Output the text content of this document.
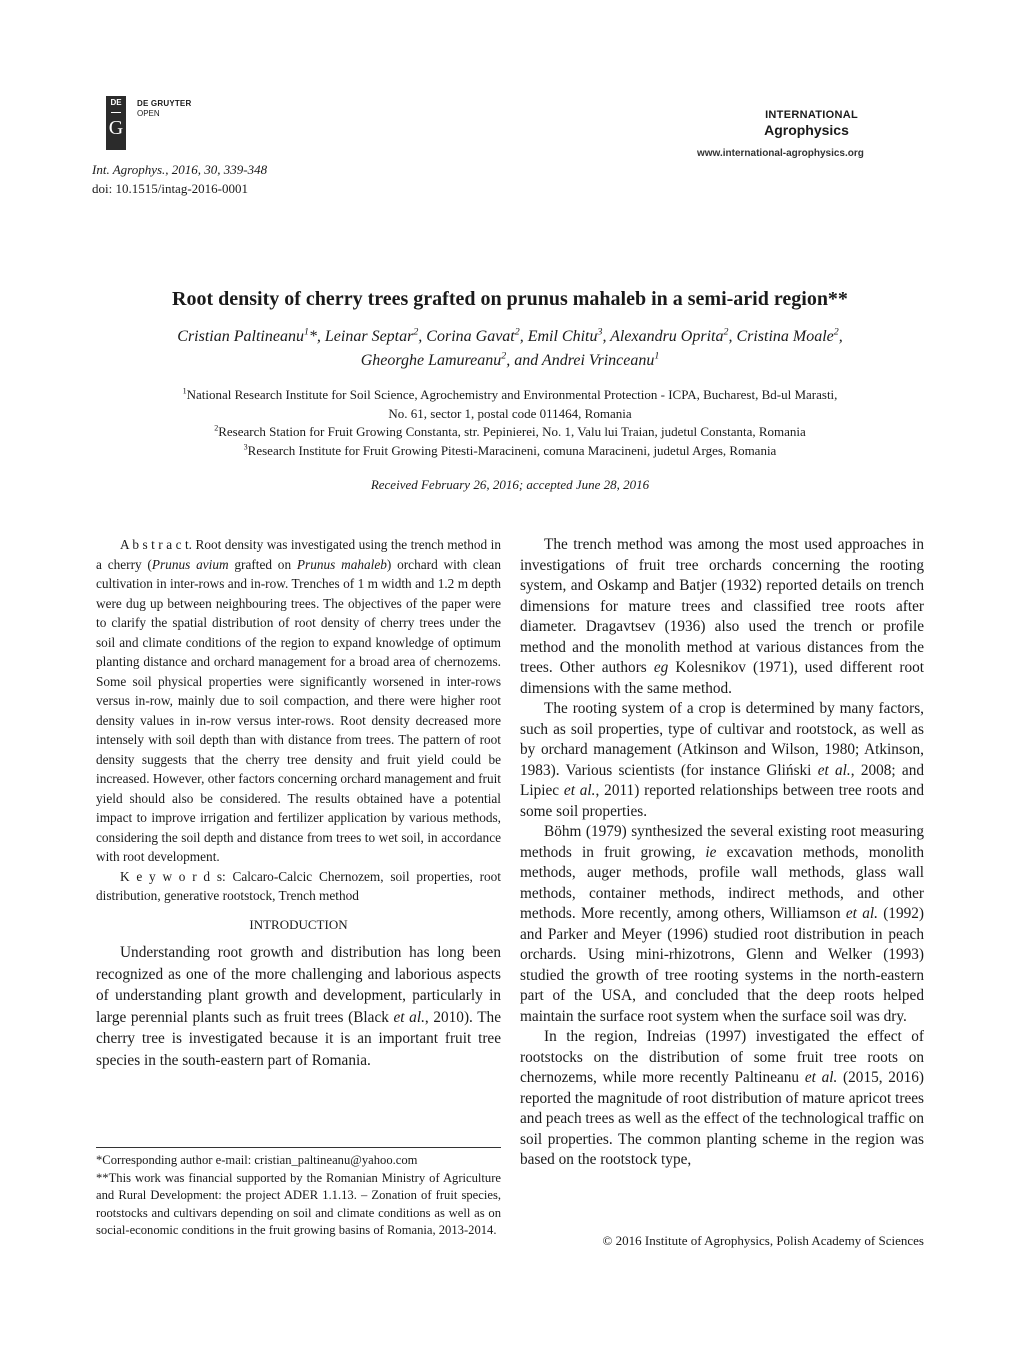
DE
G
DE GRUYTER
OPEN	INTERNATIONAL
Agrophysics
www.international-agrophysics.org
Int. Agrophys., 2016, 30, 339-348
doi: 10.1515/intag-2016-0001
Root density of cherry trees grafted on prunus mahaleb in a semi-arid region**
Cristian Paltineanu$^1$*, Leinar Septar$^2$, Corina Gavat$^2$, Emil Chitu$^3$, Alexandru Oprita$^2$, Cristina Moale$^2$,
Gheorghe Lamureanu$^2$, and Andrei Vrinceanu$^1$
$^1$National Research Institute for Soil Science, Agrochemistry and Environmental Protection - ICPA, Bucharest, Bd-ul Marasti,
No. 61, sector 1, postal code 011464, Romania
$^2$Research Station for Fruit Growing Constanta, str. Pepinierei, No. 1, Valu lui Traian, judetul Constanta, Romania
$^3$Research Institute for Fruit Growing Pitesti-Maracineni, comuna Maracineni, judetul Arges, Romania
Received February 26, 2016; accepted June 28, 2016

A b s t r a c t. Root density was investigated using the trench method in a cherry (Prunus avium grafted on Prunus mahaleb) orchard with clean cultivation in inter-rows and in-row. Trenches of 1 m width and 1.2 m depth were dug up between neighbouring trees. The objectives of the paper were to clarify the spatial distribution of root density of cherry trees under the soil and climate conditions of the region to expand knowledge of optimum planting distance and orchard management for a broad area of chernozems. Some soil physical properties were significantly worsened in inter-rows versus in-row, mainly due to soil compaction, and there were higher root density values in in-row versus inter-rows. Root density decreased more intensely with soil depth than with distance from trees. The pattern of root density suggests that the cherry tree density and fruit yield could be increased. However, other factors concerning orchard management and fruit yield should also be considered. The results obtained have a potential impact to improve irrigation and fertilizer application by various methods, considering the soil depth and distance from trees to wet soil, in accordance with root development.

K e y w o r d s: Calcaro-Calcic Chernozem, soil properties, root distribution, generative rootstock, Trench method

INTRODUCTION

Understanding root growth and distribution has long been recognized as one of the more challenging and laborious aspects of understanding plant growth and development, particularly in large perennial plants such as fruit trees (Black et al., 2010). The cherry tree is investigated because it is an important fruit tree species in the south-eastern part of Romania.

*Corresponding author e-mail: cristian_paltineanu@yahoo.com

**This work was financial supported by the Romanian Ministry of Agriculture and Rural Development: the project ADER 1.1.13. – Zonation of fruit species, rootstocks and cultivars depending on soil and climate conditions as well as on social-economic conditions in the fruit growing basins of Romania, 2013-2014.

The trench method was among the most used approaches in investigations of fruit tree orchards concerning the rooting system, and Oskamp and Batjer (1932) reported details on trench dimensions for mature trees and classified tree roots after diameter. Dragavtsev (1936) also used the trench or profile method and the monolith method at various distances from the trees. Other authors eg Kolesnikov (1971), used different root dimensions with the same method.

The rooting system of a crop is determined by many factors, such as soil properties, type of cultivar and rootstock, as well as by orchard management (Atkinson and Wilson, 1980; Atkinson, 1983). Various scientists (for instance Gliński et al., 2008; and Lipiec et al., 2011) reported relationships between tree roots and some soil properties.

Böhm (1979) synthesized the several existing root measuring methods in fruit growing, ie excavation methods, monolith methods, auger methods, profile wall methods, glass wall methods, container methods, indirect methods, and other methods. More recently, among others, Williamson et al. (1992) and Parker and Meyer (1996) studied root distribution in peach orchards. Using mini-rhizotrons, Glenn and Welker (1993) studied the growth of tree rooting systems in the north-eastern part of the USA, and concluded that the deep roots helped maintain the surface root system when the surface soil was dry.

In the region, Indreias (1997) investigated the effect of rootstocks on the distribution of some fruit tree roots on chernozems, while more recently Paltineanu et al. (2015, 2016) reported the magnitude of root distribution of mature apricot trees and peach trees as well as the effect of the technological traffic on soil properties. The common planting scheme in the region was based on the rootstock type,

© 2016 Institute of Agrophysics, Polish Academy of Sciences
